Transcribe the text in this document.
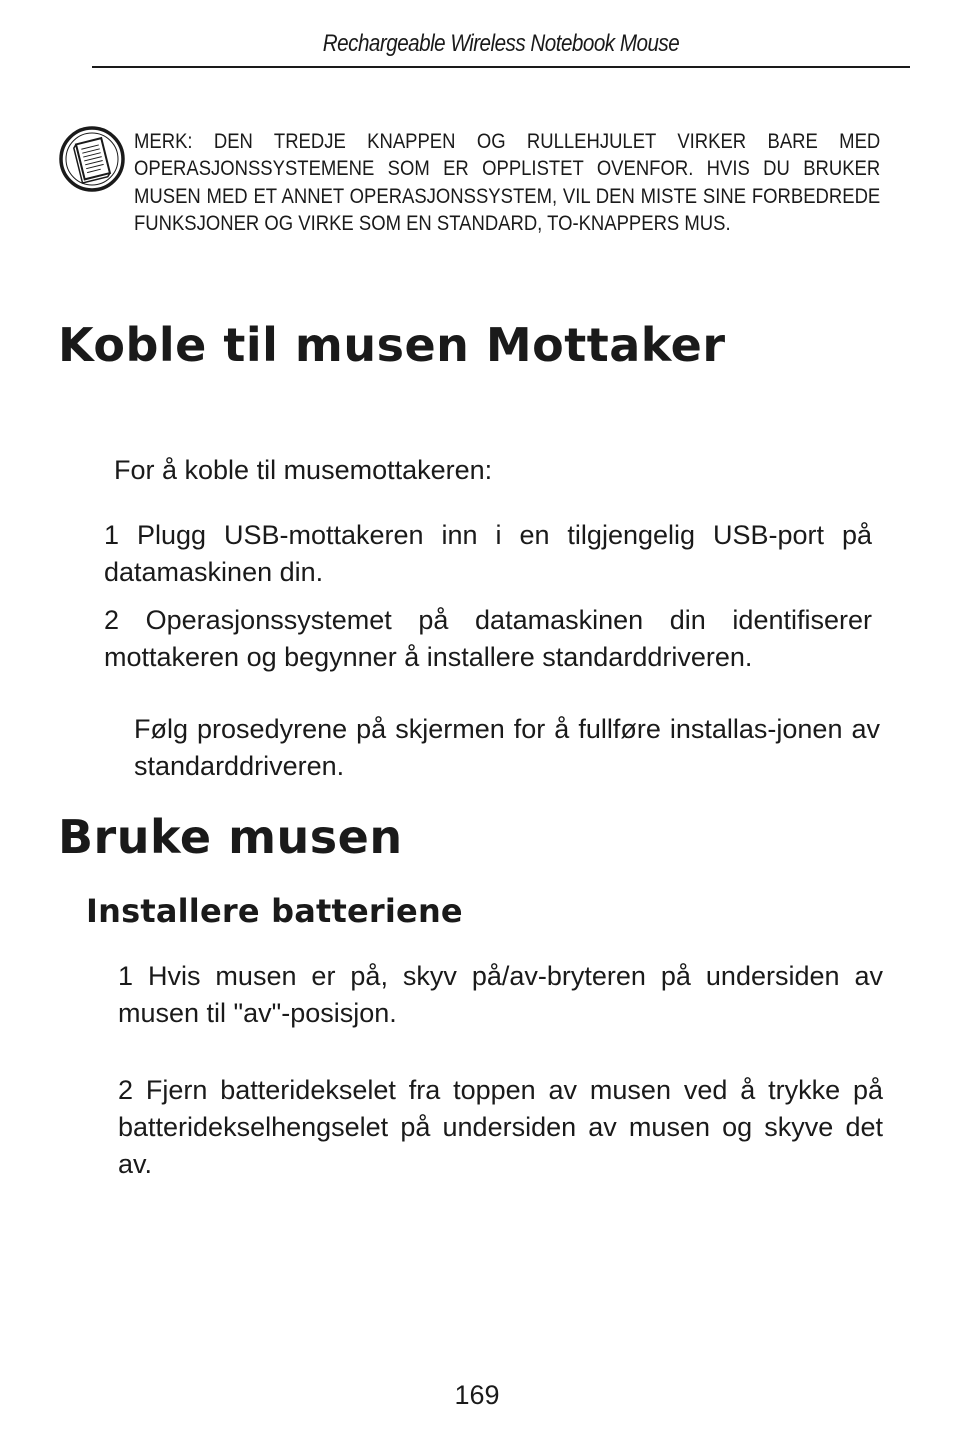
Rechargeable Wireless Notebook Mouse

MERK: DEN TREDJE KNAPPEN OG RULLEHJULET VIRKER BARE MED OPERASJONSSYSTEMENE SOM ER OPPLISTET OVENFOR. HVIS DU BRUKER MUSEN MED ET ANNET OPERASJONSSYSTEM, VIL DEN MISTE SINE FORBEDREDE FUNKSJONER OG VIRKE SOM EN STANDARD, TO-KNAPPERS MUS.

Koble til musen Mottaker

For å koble til musemottakeren:

1 Plugg USB-mottakeren inn i en tilgjengelig USB-port på datamaskinen din.

2 Operasjonssystemet på datamaskinen din identifiserer mottakeren og begynner å installere standarddriveren.

Følg prosedyrene på skjermen for å fullføre installas-jonen av standarddriveren.

Bruke musen
Installere batteriene

1 Hvis musen er på, skyv på/av-bryteren på undersiden av musen til "av"-posisjon.

2 Fjern batteridekselet fra toppen av musen ved å trykke på batteridekselhengselet på undersiden av musen og skyve det av.

169
